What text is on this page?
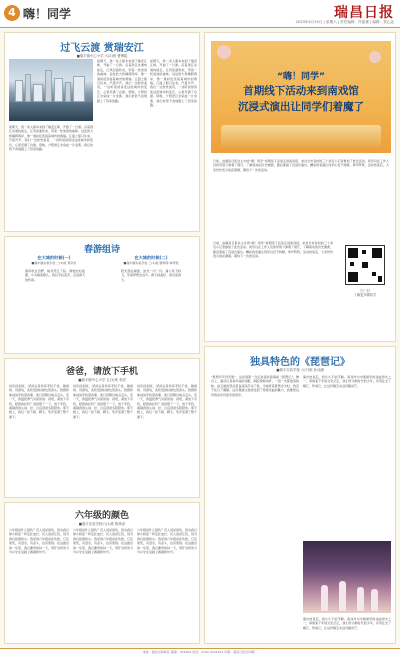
4 嗨！同学	瑞昌日报
2023年4月15日 | 星期六 | 责任编辑：肖振雄 | 编辑：蔡心远
过飞云渡 赏瑞安江
■瑞丰镇中心小学 六(2)班 曹博铭
星期天，我一家人驱车来到了瑞安江畔，开始了一日游。沿着滨江步道向前走，江风迎面吹来，带着一丝淡淡的咸味。远处的大桥横跨两岸，像一道彩虹连接着城市的两端。江面上船只往来，汽笛声声，我们一边欣赏美景，一边听爸爸讲述这座城市的变迁，心里充满了自豪。傍晚，夕阳把江水染成一片金黄，我们依依不舍地踏上了回家的路。
星期天，我一家人驱车来到了瑞安江畔，开始了一日游。沿着滨江步道向前走，江风迎面吹来，带着一丝淡淡的咸味。远处的大桥横跨两岸，像一道彩虹连接着城市的两端。江面上船只往来，汽笛声声，我们一边欣赏美景，一边听爸爸讲述这座城市的变迁，心里充满了自豪。傍晚，夕阳把江水染成一片金黄，我们依依不舍地踏上了回家的路。
星期天，我一家人驱车来到了瑞安江畔，开始了一日游。沿着滨江步道向前走，江风迎面吹来，带着一丝淡淡的咸味。远处的大桥横跨两岸，像一道彩虹连接着城市的两端。江面上船只往来，汽笛声声，我们一边欣赏美景，一边听爸爸讲述这座城市的变迁，心里充满了自豪。傍晚，夕阳把江水染成一片金黄，我们依依不舍地踏上了回家的路。
春游组诗
在大城的时候(一)
■瑞丰镇实验学校 二(3)班 周玖轩
春风吹过田野，桃花笑红了脸。柳枝轻轻摇摆，小鸟唱着歌儿。我们手拉着手，走进春天的怀抱。
在大城的时候(二)
■瑞丰镇实验学校 三(1)班 滕梓萌 林琴瑶
阳光洒在湖面，波光一闪一闪。蒲公英飞呀飞，带着梦想去远方。春天真美好，我们爱春天。
爸爸，请放下手机
■瑞丰镇中心小学 五(1)班 李清
每次回到家，爸爸总是拿着手机不放，刷视频、玩游戏，连吃饭的时候也低着头。我想和他说说学校里的事，他只是敷衍地点点头。有一天，我鼓起勇气对爸爸说：爸爸，请放下手机，陪陪我好吗？爸爸愣了一下，放下手机，摸摸我的头说：好，以后爸爸多陪陪你。那天晚上，我们一起下棋、聊天，笑声充满了整个屋子。
每次回到家，爸爸总是拿着手机不放，刷视频、玩游戏，连吃饭的时候也低着头。我想和他说说学校里的事，他只是敷衍地点点头。有一天，我鼓起勇气对爸爸说：爸爸，请放下手机，陪陪我好吗？爸爸愣了一下，放下手机，摸摸我的头说：好，以后爸爸多陪陪你。那天晚上，我们一起下棋、聊天，笑声充满了整个屋子。
每次回到家，爸爸总是拿着手机不放，刷视频、玩游戏，连吃饭的时候也低着头。我想和他说说学校里的事，他只是敷衍地点点头。有一天，我鼓起勇气对爸爸说：爸爸，请放下手机，陪陪我好吗？爸爸愣了一下，放下手机，摸摸我的头说：好，以后爸爸多陪陪你。那天晚上，我们一起下棋、聊天，笑声充满了整个屋子。
六年级的颜色
■瑞丰实验学校六(1)班 陈炜泽
六年级是什么颜色？有人说是绿色，因为我们像小树苗一样茁壮成长；有人说是红色，因为我们热情似火；我觉得六年级是彩色的，它有欢笑，有泪水，有奋斗，也有离别。在这最后的一年里，我们要珍惜每一天，用汗水和努力为小学生活画上圆满的句号。
六年级是什么颜色？有人说是绿色，因为我们像小树苗一样茁壮成长；有人说是红色，因为我们热情似火；我觉得六年级是彩色的，它有欢笑，有泪水，有奋斗，也有离别。在这最后的一年里，我们要珍惜每一天，用汗水和努力为小学生活画上圆满的句号。
六年级是什么颜色？有人说是绿色，因为我们像小树苗一样茁壮成长；有人说是红色，因为我们热情似火；我觉得六年级是彩色的，它有欢笑，有泪水，有奋斗，也有离别。在这最后的一年里，我们要珍惜每一天，用汗水和努力为小学生活画上圆满的句号。
“嗨！同学”
首期线下活动来到南戏馆
沉浸式演出让同学们着魔了
日前，由瑞昌日报社主办的“嗨！同学”首期线下活动走进南戏馆，来自全市各校的三十余名小记者参加了此次活动。同学们在工作人员的带领下参观了展厅，了解南戏的历史渊源，随后观看了沉浸式演出。精彩的表演让同学们目不转睛，掌声阵阵。活动结束后，大家纷纷表示收获满满，期待下一次的活动。
日前，由瑞昌日报社主办的“嗨！同学”首期线下活动走进南戏馆，来自全市各校的三十余名小记者参加了此次活动。同学们在工作人员的带领下参观了展厅，了解南戏的历史渊源，随后观看了沉浸式演出。精彩的表演让同学们目不转睛，掌声阵阵。活动结束后，大家纷纷表示收获满满，期待下一次的活动。
扫一扫
了解更多嗨同学
独具特色的《琵琶记》
■瑞丰实验学校 六(7)班 孙诗涵
“琵琶声声诉衷肠”，这是我第一次走进南戏馆观看《琵琶记》。舞台上，演员们身着华丽的戏服，唱腔婉转动听，一招一式都透着韵味。赵五娘的坚贞善良深深打动了我，当她背着琵琶寻夫时，我忍不住红了眼眶。这次观演让我感受到了传统戏曲的魅力，我要把这份感动告诉更多的同学。
演出结束后，我久久不能平静。南戏作为中国最早的戏曲形式之一，承载着千年的文化记忆，我们作为新时代的少年，有责任去了解它、传承它，让这份瑰宝永远闪耀光芒。
演出结束后，我久久不能平静。南戏作为中国最早的戏曲形式之一，承载着千年的文化记忆，我们作为新时代的少年，有责任去了解它、传承它，让这份瑰宝永远闪耀光芒。
地址：瑞昌市新城区 邮编：332200 电话：0792-4222222 印刷：瑞昌日报社印刷厂
